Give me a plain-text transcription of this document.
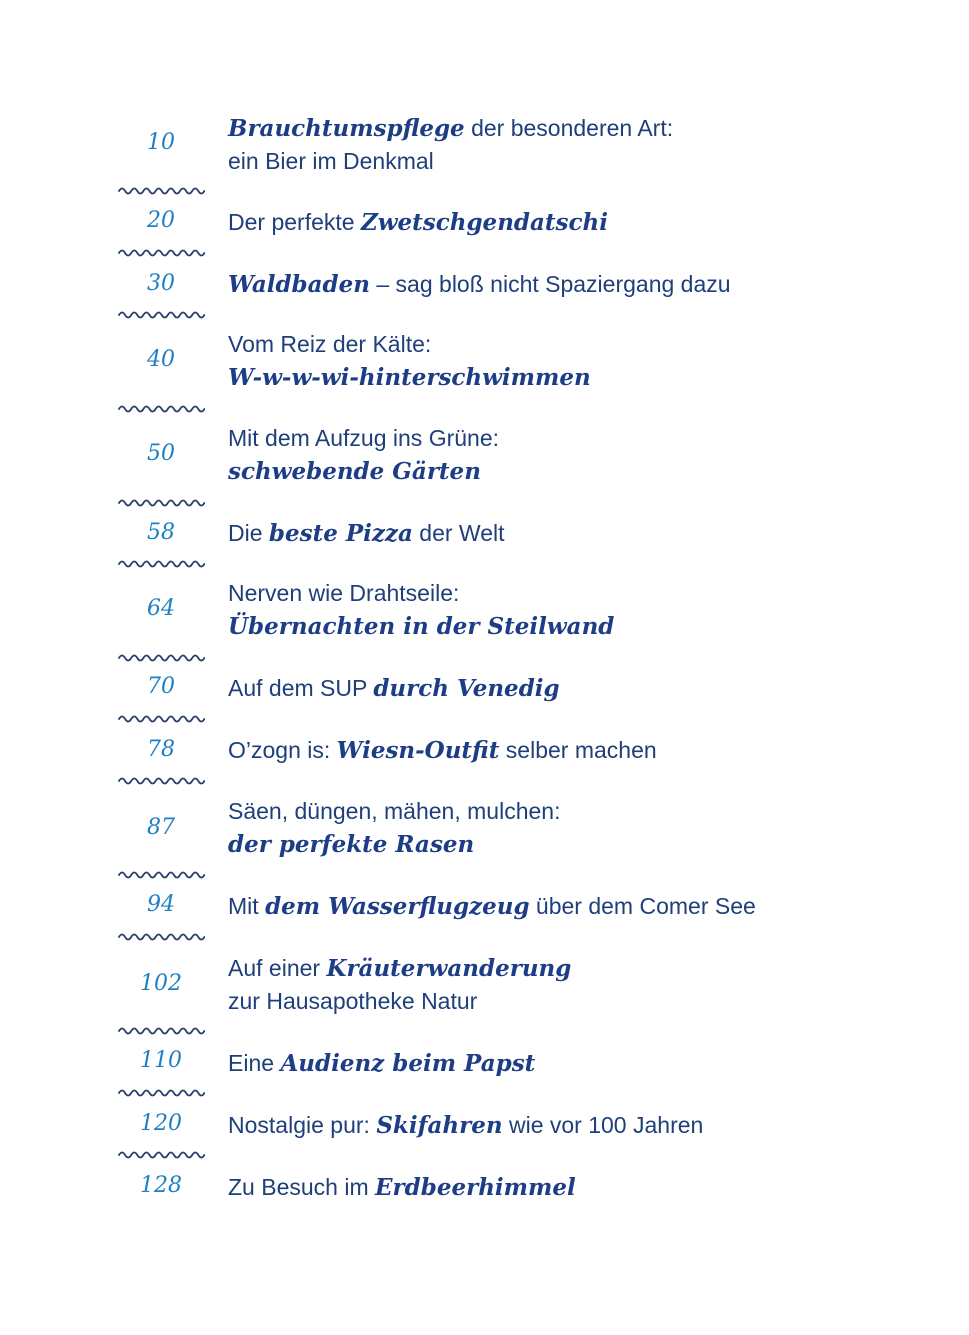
10
Brauchtumspflege der besonderen Art:
ein Bier im Denkmal
20	Der perfekte Zwetschgendatschi
30	Waldbaden – sag bloß nicht Spaziergang dazu
40
Vom Reiz der Kälte:
W-w-w-wi-hinterschwimmen
50
Mit dem Aufzug ins Grüne:
schwebende Gärten
58	Die beste Pizza der Welt
64
Nerven wie Drahtseile:
Übernachten in der Steilwand
70	Auf dem SUP durch Venedig
78	O’zogn is: Wiesn-Outfit selber machen
87
Säen, düngen, mähen, mulchen:
der perfekte Rasen
94	Mit dem Wasserflugzeug über dem Comer See
102
Auf einer Kräuterwanderung
zur Hausapotheke Natur
110	Eine Audienz beim Papst
120	Nostalgie pur: Skifahren wie vor 100 Jahren
128	Zu Besuch im Erdbeerhimmel
